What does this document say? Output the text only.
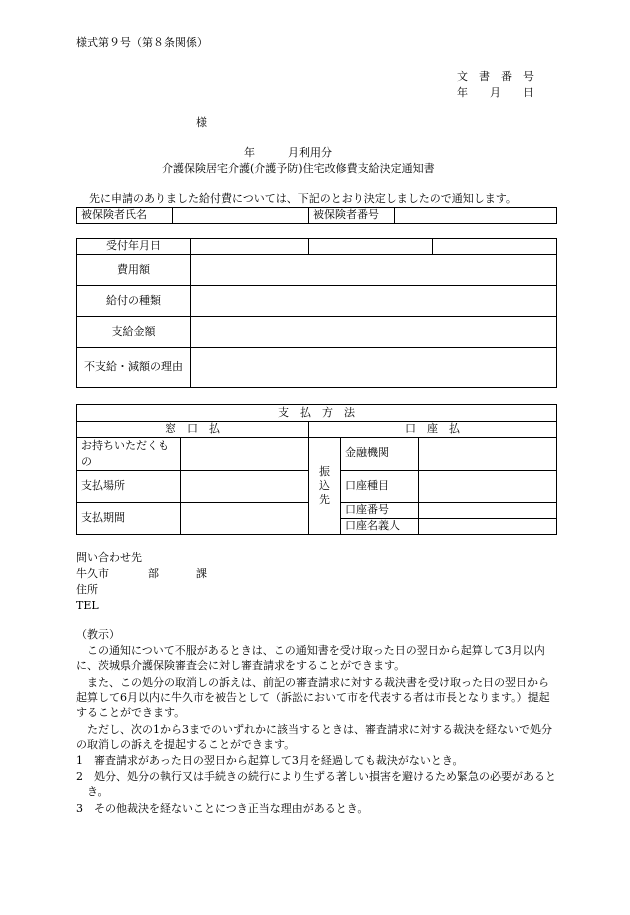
様式第９号（第８条関係）
文　書　番　号
年　　月　　日
様
年　　　月利用分
介護保険居宅介護(介護予防)住宅改修費支給決定通知書
先に申請のありました給付費については、下記のとおり決定しましたので通知します。
被保険者氏名		被保険者番号	
受付年月日			
費用額			
給付の種類			
支給金額			
不支給・減額の理由			
支　払　方　法				
窓　口　払		口　座　払		
お持ちいただくもの		振込先	金融機関	
支払場所			口座種目	
支払期間			口座番号	
			口座名義人	
問い合わせ先
牛久市	部	課
住所
TEL
（教示）
この通知について不服があるときは、この通知書を受け取った日の翌日から起算して3月以内に、茨城県介護保険審査会に対し審査請求をすることができます。
また、この処分の取消しの訴えは、前記の審査請求に対する裁決書を受け取った日の翌日から起算して6月以内に牛久市を被告として（訴訟において市を代表する者は市長となります。）提起することができます。
ただし、次の1から3までのいずれかに該当するときは、審査請求に対する裁決を経ないで処分の取消しの訴えを提起することができます。
1　審査請求があった日の翌日から起算して3月を経過しても裁決がないとき。
2　処分、処分の執行又は手続きの続行により生ずる著しい損害を避けるため緊急の必要があるとき。
3　その他裁決を経ないことにつき正当な理由があるとき。
